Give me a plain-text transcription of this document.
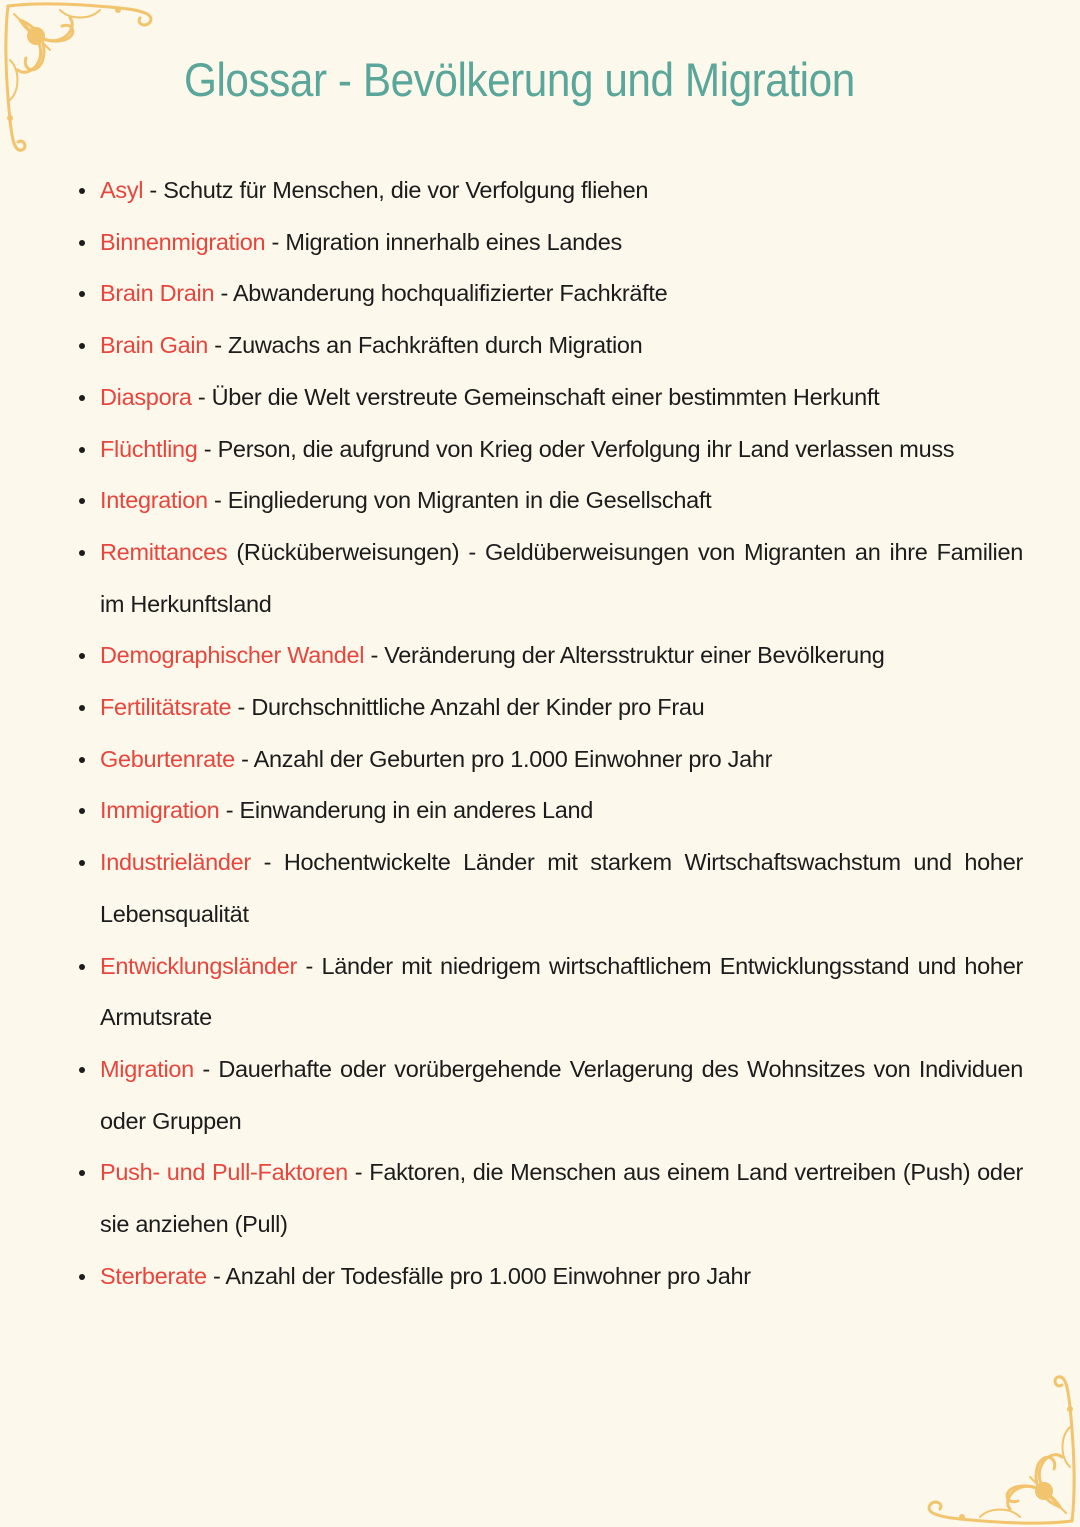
Glossar - Bevölkerung und Migration
Asyl - Schutz für Menschen, die vor Verfolgung fliehen
Binnenmigration - Migration innerhalb eines Landes
Brain Drain - Abwanderung hochqualifizierter Fachkräfte
Brain Gain - Zuwachs an Fachkräften durch Migration
Diaspora - Über die Welt verstreute Gemeinschaft einer bestimmten Herkunft
Flüchtling - Person, die aufgrund von Krieg oder Verfolgung ihr Land verlassen muss
Integration - Eingliederung von Migranten in die Gesellschaft
Remittances (Rücküberweisungen) - Geldüberweisungen von Migranten an ihre Familien im Herkunftsland
Demographischer Wandel - Veränderung der Altersstruktur einer Bevölkerung
Fertilitätsrate - Durchschnittliche Anzahl der Kinder pro Frau
Geburtenrate - Anzahl der Geburten pro 1.000 Einwohner pro Jahr
Immigration - Einwanderung in ein anderes Land
Industrieländer - Hochentwickelte Länder mit starkem Wirtschaftswachstum und hoher Lebensqualität
Entwicklungsländer - Länder mit niedrigem wirtschaftlichem Entwicklungsstand und hoher Armutsrate
Migration - Dauerhafte oder vorübergehende Verlagerung des Wohnsitzes von Individuen oder Gruppen
Push- und Pull-Faktoren - Faktoren, die Menschen aus einem Land vertreiben (Push) oder sie anziehen (Pull)
Sterberate - Anzahl der Todesfälle pro 1.000 Einwohner pro Jahr
